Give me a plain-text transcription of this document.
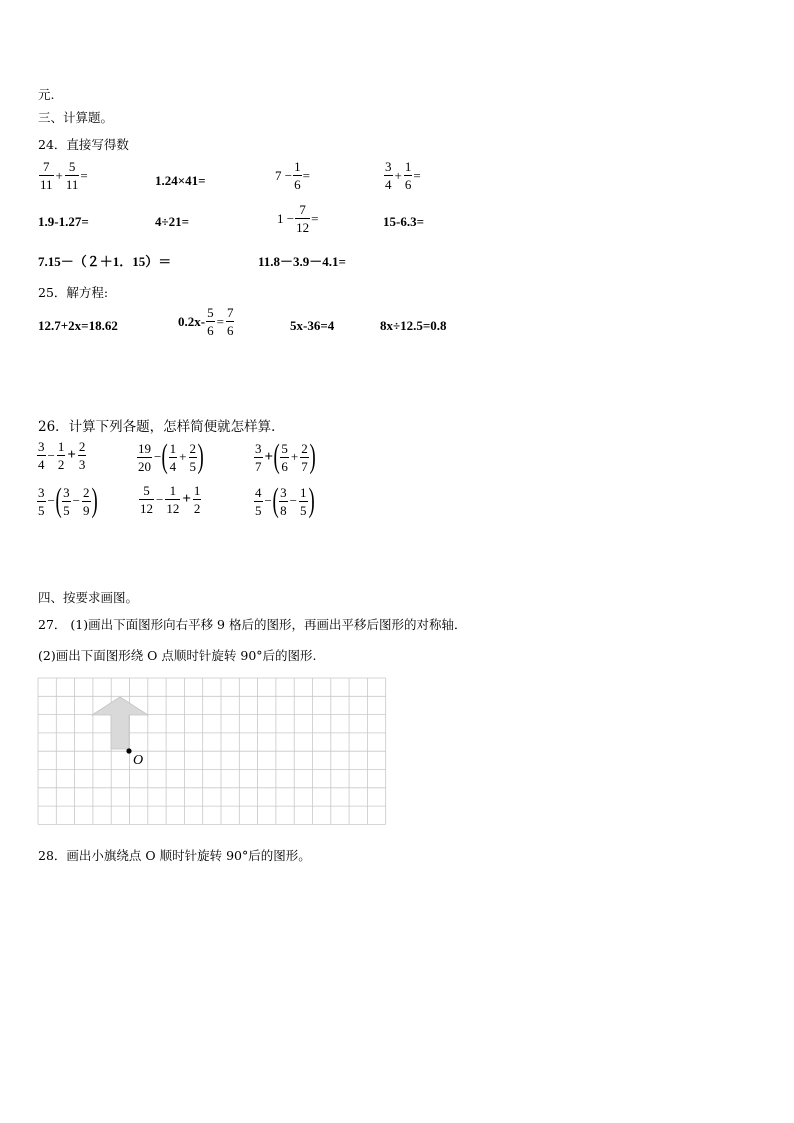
元.
三、计算题。
24．直接写得数
$\frac{7}{11} + \frac{5}{11}$ =	1.24×41=	$7 - \frac{1}{6}$ =	$\frac{3}{4} + \frac{1}{6}$ =
1.9-1.27=	4÷21=	$1 - \frac{7}{12}$ =	15-6.3=
7.15－（２＋1．15）＝	11.8－3.9－4.1=
25．解方程:
12.7+2x=18.62	$0.2x- \frac{5}{6} = \frac{7}{6}$	5x-36=4	8x÷12.5=0.8
26．计算下列各题，怎样简便就怎样算．
$\frac{3}{4} - \frac{1}{2} + \frac{2}{3}$	$\frac{19}{20}$ − ( $\frac{1}{4} + \frac{2}{5}$ )	$\frac{3}{7}$ + ( $\frac{5}{6} + \frac{2}{7}$ )
$\frac{3}{5}$ − ( $\frac{3}{5} - \frac{2}{9}$ )	$\frac{5}{12} - \frac{1}{12} + \frac{1}{2}$	$\frac{4}{5}$ − ( $\frac{3}{8} - \frac{1}{5}$ )
四、按要求画图。
27． (1)画出下面图形向右平移 9 格后的图形，再画出平移后图形的对称轴．
(2)画出下面图形绕 O 点顺时针旋转 90°后的图形.
O
28．画出小旗绕点 O 顺时针旋转 90°后的图形。
